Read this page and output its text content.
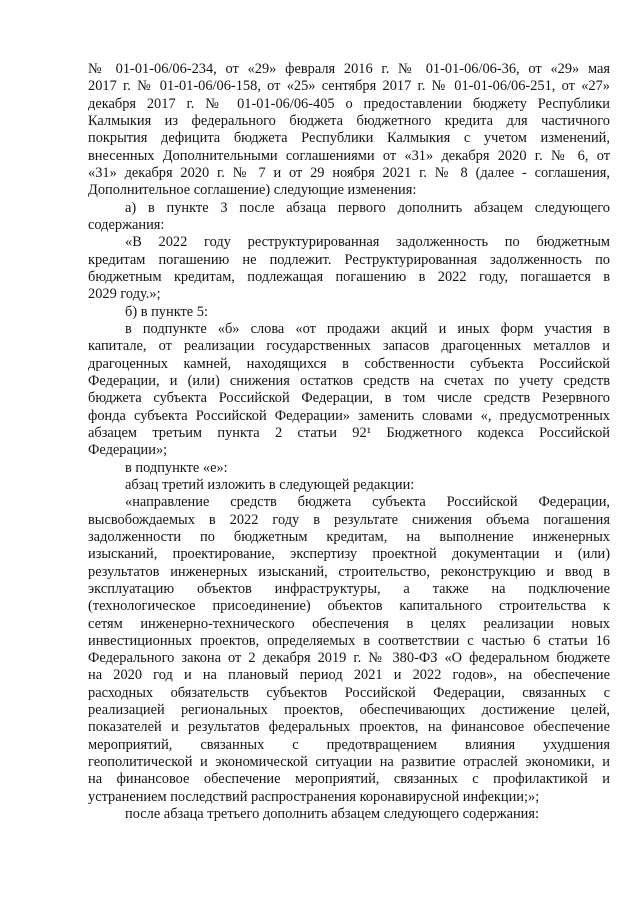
№ 01-01-06/06-234, от «29» февраля 2016 г. № 01-01-06/06-36, от «29» мая
2017 г. № 01-01-06/06-158, от «25» сентября 2017 г. № 01-01-06/06-251, от «27»
декабря 2017 г. № 01-01-06/06-405 о предоставлении бюджету Республики
Калмыкия из федерального бюджета бюджетного кредита для частичного
покрытия дефицита бюджета Республики Калмыкия с учетом изменений,
внесенных Дополнительными соглашениями от «31» декабря 2020 г. № 6, от
«31» декабря 2020 г. № 7 и от 29 ноября 2021 г. № 8 (далее - соглашения,
Дополнительное соглашение) следующие изменения:
а) в пункте 3 после абзаца первого дополнить абзацем следующего
содержания:
«В 2022 году реструктурированная задолженность по бюджетным
кредитам погашению не подлежит. Реструктурированная задолженность по
бюджетным кредитам, подлежащая погашению в 2022 году, погашается в
2029 году.»;
б) в пункте 5:
в подпункте «б» слова «от продажи акций и иных форм участия в
капитале, от реализации государственных запасов драгоценных металлов и
драгоценных камней, находящихся в собственности субъекта Российской
Федерации, и (или) снижения остатков средств на счетах по учету средств
бюджета субъекта Российской Федерации, в том числе средств Резервного
фонда субъекта Российской Федерации» заменить словами «, предусмотренных
абзацем третьим пункта 2 статьи 92¹ Бюджетного кодекса Российской
Федерации»;
в подпункте «е»:
абзац третий изложить в следующей редакции:
«направление средств бюджета субъекта Российской Федерации,
высвобождаемых в 2022 году в результате снижения объема погашения
задолженности по бюджетным кредитам, на выполнение инженерных
изысканий, проектирование, экспертизу проектной документации и (или)
результатов инженерных изысканий, строительство, реконструкцию и ввод в
эксплуатацию объектов инфраструктуры, а также на подключение
(технологическое присоединение) объектов капитального строительства к
сетям инженерно-технического обеспечения в целях реализации новых
инвестиционных проектов, определяемых в соответствии с частью 6 статьи 16
Федерального закона от 2 декабря 2019 г. № 380-ФЗ «О федеральном бюджете
на 2020 год и на плановый период 2021 и 2022 годов», на обеспечение
расходных обязательств субъектов Российской Федерации, связанных с
реализацией региональных проектов, обеспечивающих достижение целей,
показателей и результатов федеральных проектов, на финансовое обеспечение
мероприятий, связанных с предотвращением влияния ухудшения
геополитической и экономической ситуации на развитие отраслей экономики, и
на финансовое обеспечение мероприятий, связанных с профилактикой и
устранением последствий распространения коронавирусной инфекции;»;
после абзаца третьего дополнить абзацем следующего содержания:
